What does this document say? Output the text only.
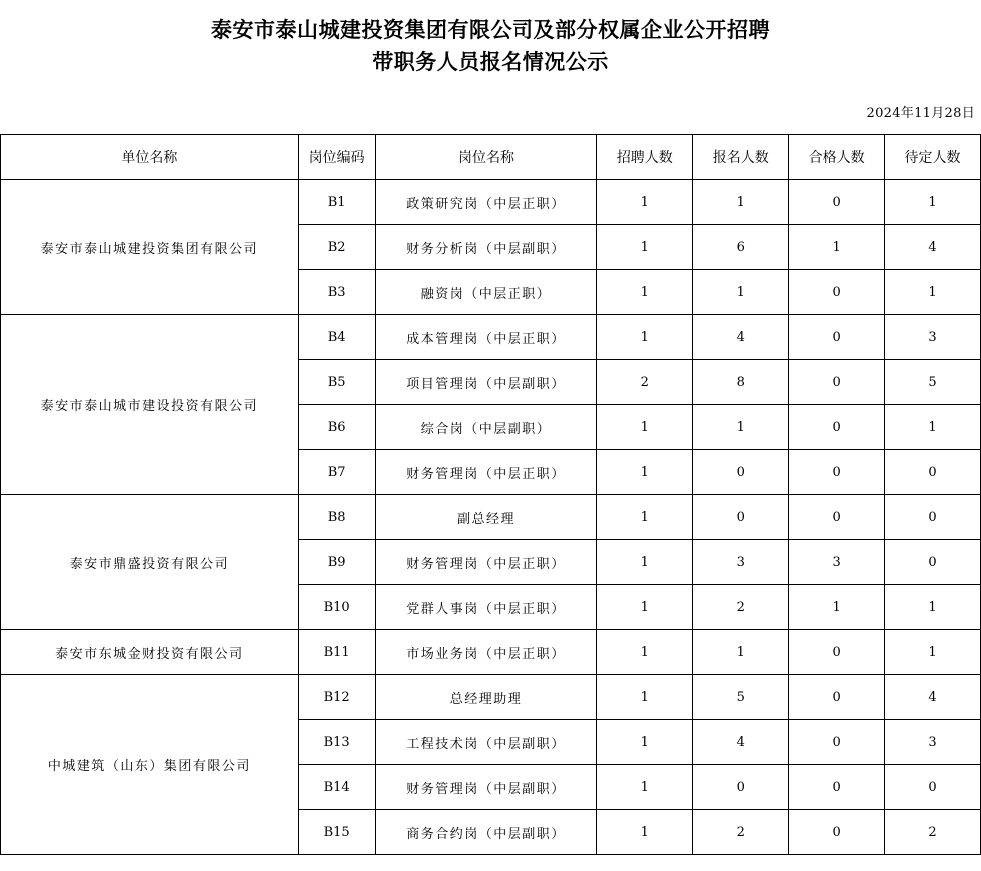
泰安市泰山城建投资集团有限公司及部分权属企业公开招聘
带职务人员报名情况公示
2024年11月28日
单位名称	岗位编码	岗位名称	招聘人数	报名人数	合格人数	待定人数
泰安市泰山城建投资集团有限公司	B1	政策研究岗（中层正职）	1	1	0	1
	B2	财务分析岗（中层副职）	1	6	1	4
	B3	融资岗（中层正职）	1	1	0	1
泰安市泰山城市建设投资有限公司	B4	成本管理岗（中层正职）	1	4	0	3
	B5	项目管理岗（中层副职）	2	8	0	5
	B6	综合岗（中层副职）	1	1	0	1
	B7	财务管理岗（中层正职）	1	0	0	0
泰安市鼎盛投资有限公司	B8	副总经理	1	0	0	0
	B9	财务管理岗（中层正职）	1	3	3	0
	B10	党群人事岗（中层正职）	1	2	1	1
泰安市东城金财投资有限公司	B11	市场业务岗（中层正职）	1	1	0	1
中城建筑（山东）集团有限公司	B12	总经理助理	1	5	0	4
	B13	工程技术岗（中层副职）	1	4	0	3
	B14	财务管理岗（中层副职）	1	0	0	0
	B15	商务合约岗（中层副职）	1	2	0	2
